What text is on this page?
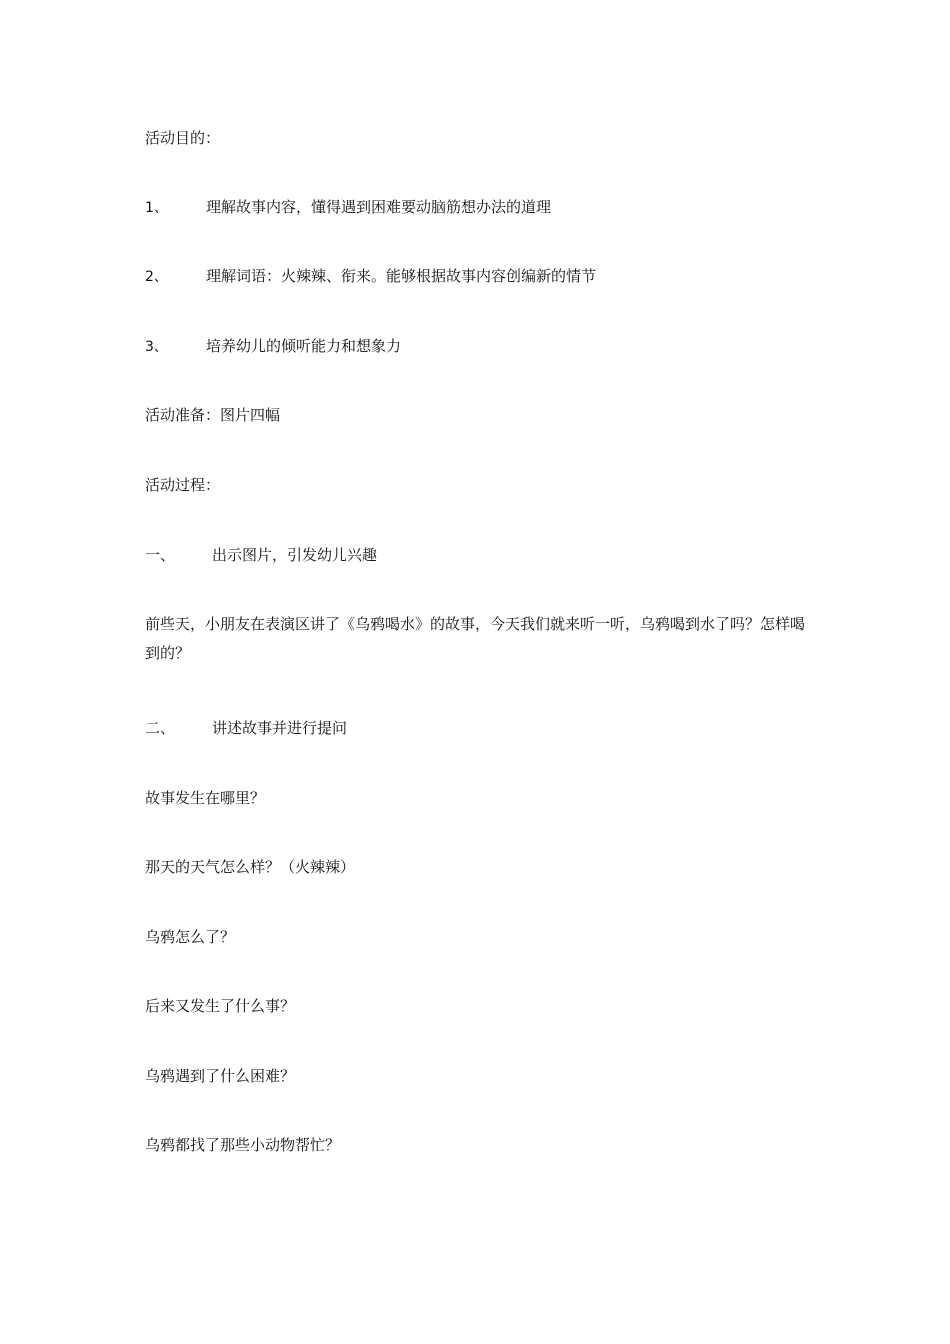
活动目的：
1、	理解故事内容，懂得遇到困难要动脑筋想办法的道理
2、	理解词语：火辣辣、衔来。能够根据故事内容创编新的情节
3、	培养幼儿的倾听能力和想象力
活动准备：图片四幅
活动过程：
一、 出示图片，引发幼儿兴趣
前些天，小朋友在表演区讲了《乌鸦喝水》的故事，今天我们就来听一听，乌鸦喝到水了吗？怎样喝到的？
二、 讲述故事并进行提问
故事发生在哪里？
那天的天气怎么样？（火辣辣）
乌鸦怎么了？
后来又发生了什么事？
乌鸦遇到了什么困难？
乌鸦都找了那些小动物帮忙？
